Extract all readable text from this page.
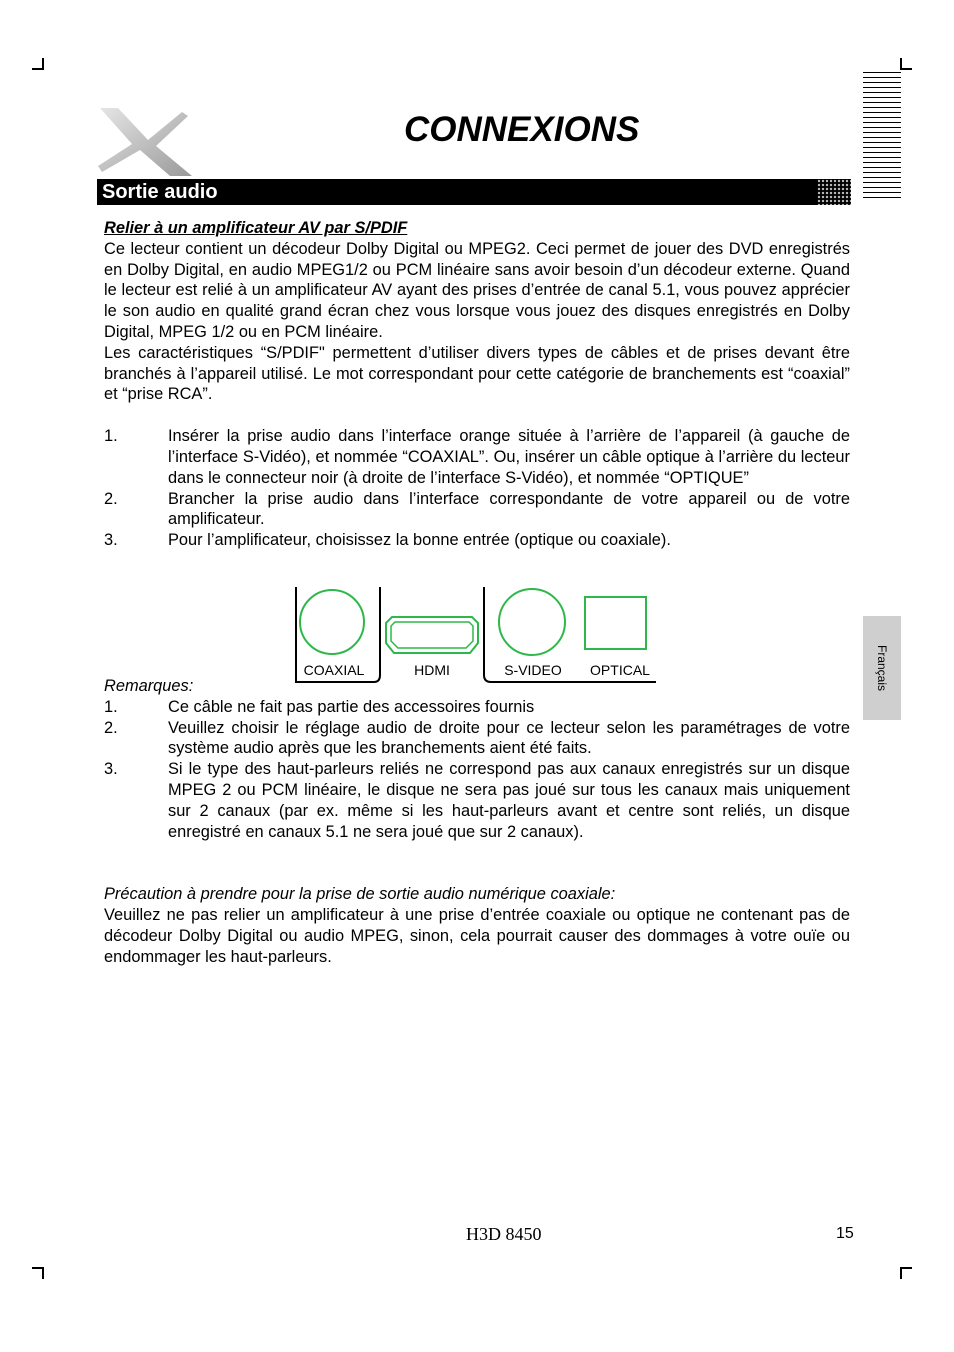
CONNEXIONS
Sortie audio

Relier à un amplificateur AV par S/PDIF

Ce lecteur contient un décodeur Dolby Digital ou MPEG2. Ceci permet de jouer des DVD enregistrés en Dolby Digital, en audio MPEG1/2 ou PCM linéaire sans avoir besoin d’un décodeur externe. Quand le lecteur est relié à un amplificateur AV ayant des prises d’entrée de canal 5.1, vous pouvez apprécier le son audio en qualité grand écran chez vous lorsque vous jouez des disques enregistrés en Dolby Digital, MPEG 1/2 ou en PCM linéaire.

Les caractéristiques “S/PDIF" permettent d’utiliser divers types de câbles et de prises devant être branchés à l’appareil utilisé. Le mot correspondant pour cette catégorie de branchements est “coaxial” et “prise RCA”.

1.	Insérer la prise audio dans l’interface orange située à l’arrière de l’appareil (à gauche de l’interface S-Vidéo), et nommée “COAXIAL”. Ou, insérer un câble optique à l’arrière du lecteur dans le connecteur noir (à droite de l’interface S-Vidéo), et nommée “OPTIQUE”
2.	Brancher la prise audio dans l’interface correspondante de votre appareil ou de votre amplificateur.
3.	Pour l’amplificateur, choisissez la bonne entrée (optique ou coaxiale).

Remarques:

1.	Ce câble ne fait pas partie des accessoires fournis
2.	Veuillez choisir le réglage audio de droite pour ce lecteur selon les paramétrages de votre système audio après que les branchements aient été faits.
3.	Si le type des haut-parleurs reliés ne correspond pas aux canaux enregistrés sur un disque MPEG 2 ou PCM linéaire, le disque ne sera pas joué sur tous les canaux mais uniquement sur 2 canaux (par ex. même si les haut-parleurs avant et centre sont reliés, un disque enregistré en canaux 5.1 ne sera joué que sur 2 canaux).

Précaution à prendre pour la prise de sortie audio numérique coaxiale:

Veuillez ne pas relier un amplificateur à une prise d’entrée coaxiale ou optique ne contenant pas de décodeur Dolby Digital ou audio MPEG, sinon, cela pourrait causer des dommages à votre ouïe ou endommager les haut-parleurs.

COAXIAL	HDMI	S-VIDEO OPTICAL	Français

H3D 8450	15
